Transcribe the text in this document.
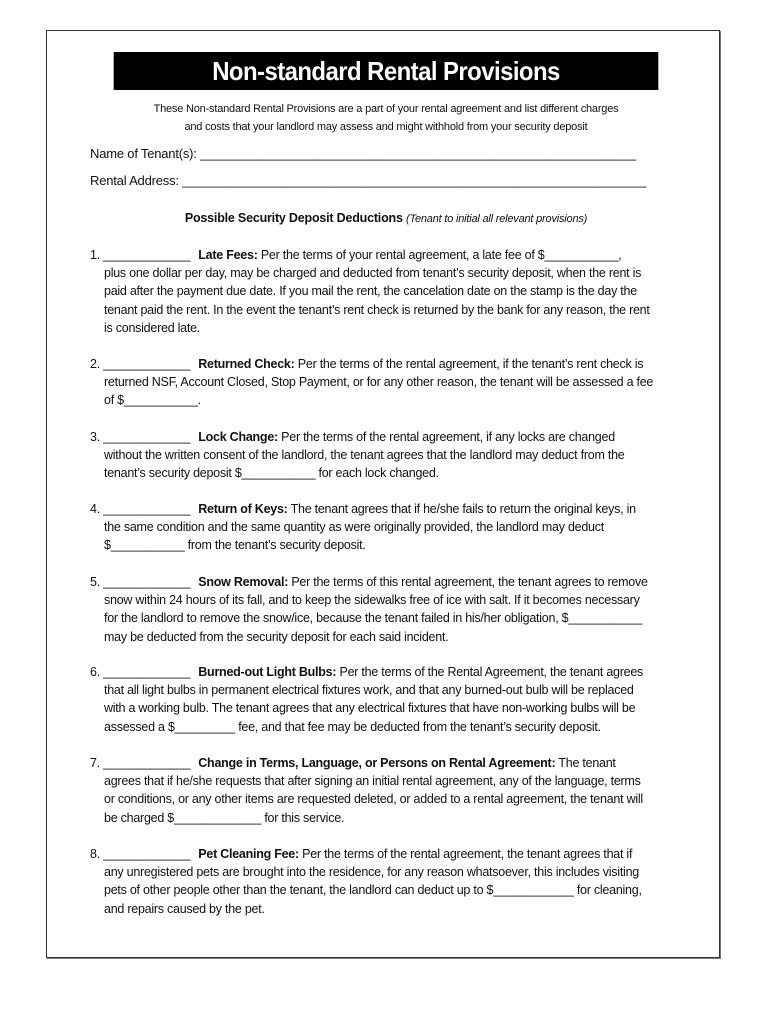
Non-standard Rental Provisions
These Non-standard Rental Provisions are a part of your rental agreement and list different charges
and costs that your landlord may assess and might withhold from your security deposit
Name of Tenant(s): ______________________________________________________________
Rental Address: __________________________________________________________________
Possible Security Deposit Deductions (Tenant to initial all relevant provisions)
1. _____________ Late Fees: Per the terms of your rental agreement, a late fee of $___________,
plus one dollar per day, may be charged and deducted from tenant’s security deposit, when the rent is
paid after the payment due date. If you mail the rent, the cancelation date on the stamp is the day the
tenant paid the rent. In the event the tenant’s rent check is returned by the bank for any reason, the rent
is considered late.
2. _____________ Returned Check: Per the terms of the rental agreement, if the tenant’s rent check is
returned NSF, Account Closed, Stop Payment, or for any other reason, the tenant will be assessed a fee
of $___________.
3. _____________ Lock Change: Per the terms of the rental agreement, if any locks are changed
without the written consent of the landlord, the tenant agrees that the landlord may deduct from the
tenant’s security deposit $___________ for each lock changed.
4. _____________ Return of Keys: The tenant agrees that if he/she fails to return the original keys, in
the same condition and the same quantity as were originally provided, the landlord may deduct
$___________ from the tenant’s security deposit.
5. _____________ Snow Removal: Per the terms of this rental agreement, the tenant agrees to remove
snow within 24 hours of its fall, and to keep the sidewalks free of ice with salt. If it becomes necessary
for the landlord to remove the snow/ice, because the tenant failed in his/her obligation, $___________
may be deducted from the security deposit for each said incident.
6. _____________ Burned-out Light Bulbs: Per the terms of the Rental Agreement, the tenant agrees
that all light bulbs in permanent electrical fixtures work, and that any burned-out bulb will be replaced
with a working bulb. The tenant agrees that any electrical fixtures that have non-working bulbs will be
assessed a $_________ fee, and that fee may be deducted from the tenant’s security deposit.
7. _____________ Change in Terms, Language, or Persons on Rental Agreement: The tenant
agrees that if he/she requests that after signing an initial rental agreement, any of the language, terms
or conditions, or any other items are requested deleted, or added to a rental agreement, the tenant will
be charged $_____________ for this service.
8. _____________ Pet Cleaning Fee: Per the terms of the rental agreement, the tenant agrees that if
any unregistered pets are brought into the residence, for any reason whatsoever, this includes visiting
pets of other people other than the tenant, the landlord can deduct up to $____________ for cleaning,
and repairs caused by the pet.
